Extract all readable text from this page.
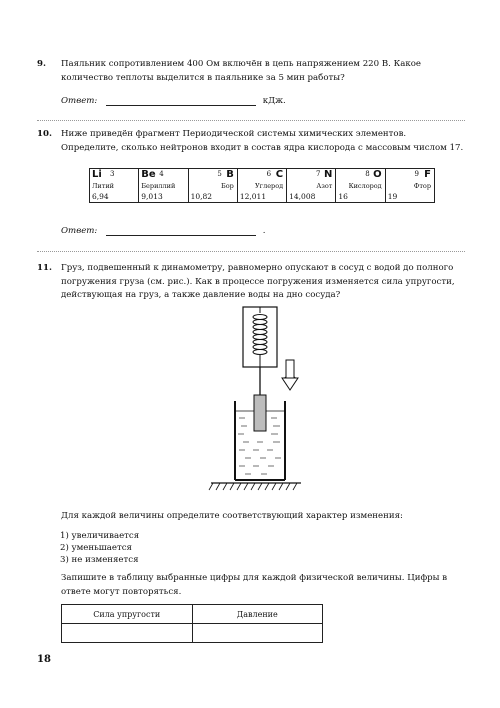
9. Паяльник сопротивлением 400 Ом включён в цепь напряжением 220 В. Какое количество теплоты выделится в паяльнике за 5 мин работы?
Ответ:	кДж.
10. Ниже приведён фрагмент Периодической системы химических элементов. Определите, сколько нейтронов входит в состав ядра кислорода с массовым числом 17.
Li 3
Литий
6,94

Be 4
Бериллий
9,013

B
5
Бор
10,82

C
6
Углерод
12,011

N
7
Азот
14,008

O
8
Кислород
16

F
9
Фтор
19
Ответ:	.
11. Груз, подвешенный к динамометру, равномерно опускают в сосуд с водой до полного погружения груза (см. рис.). Как в процессе погружения изменяется сила упругости, действующая на груз, а также давление воды на дно сосуда?
Для каждой величины определите соответствующий характер изменения:
1) увеличивается
2) уменьшается
3) не изменяется
Запишите в таблицу выбранные цифры для каждой физической величины. Цифры в ответе могут повторяться.
Сила упругости	Давление

18
